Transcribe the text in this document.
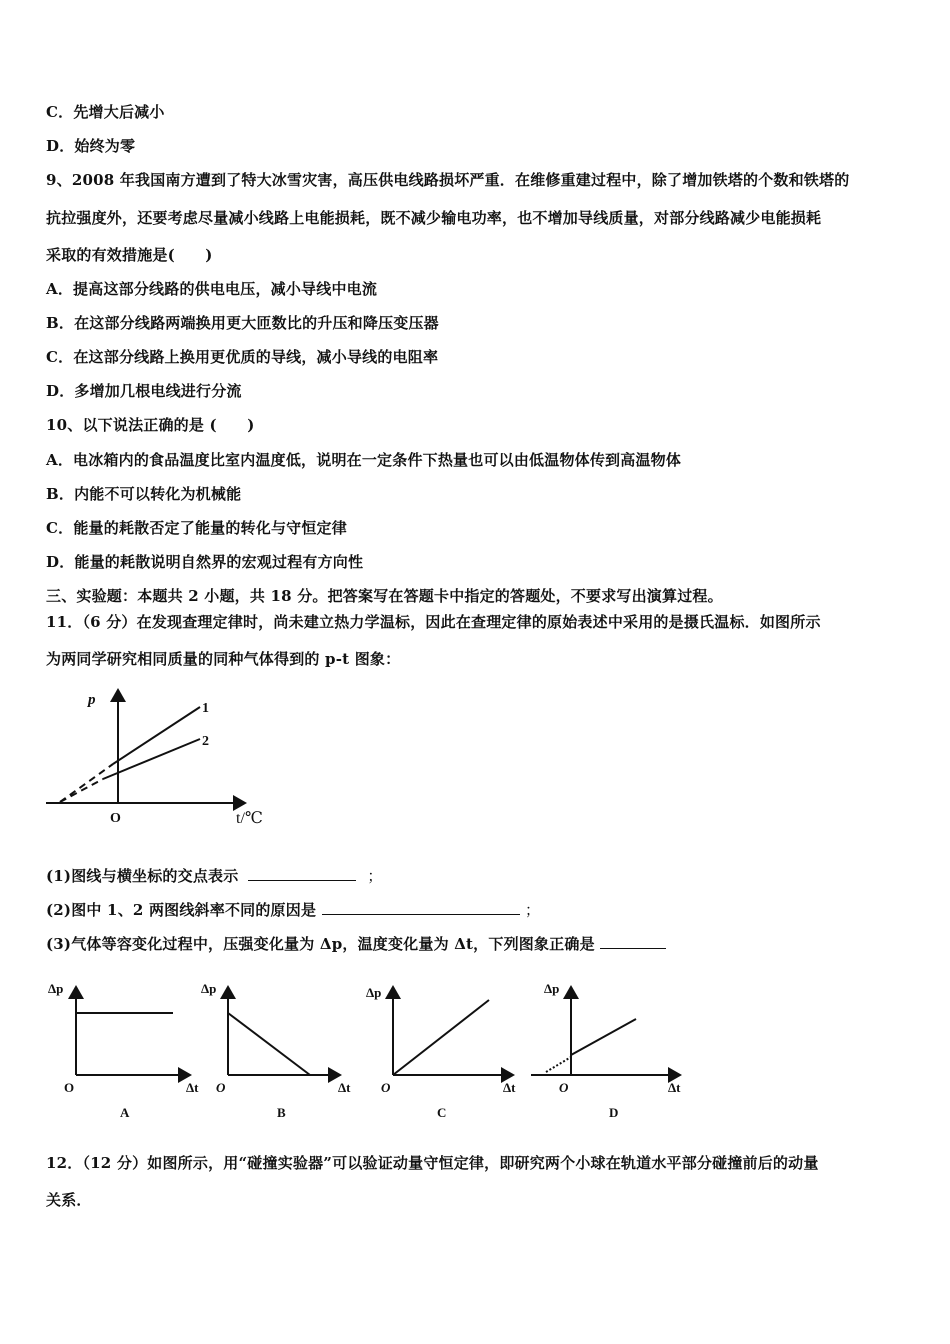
C．先增大后减小
D．始终为零
9、2008 年我国南方遭到了特大冰雪灾害，高压供电线路损坏严重．在维修重建过程中，除了增加铁塔的个数和铁塔的
抗拉强度外，还要考虑尽量减小线路上电能损耗，既不减少输电功率，也不增加导线质量，对部分线路减少电能损耗
采取的有效措施是(　　)
A．提高这部分线路的供电电压，减小导线中电流
B．在这部分线路两端换用更大匝数比的升压和降压变压器
C．在这部分线路上换用更优质的导线，减小导线的电阻率
D．多增加几根电线进行分流
10、以下说法正确的是 (　　)
A．电冰箱内的食品温度比室内温度低，说明在一定条件下热量也可以由低温物体传到高温物体
B．内能不可以转化为机械能
C．能量的耗散否定了能量的转化与守恒定律
D．能量的耗散说明自然界的宏观过程有方向性
三、实验题：本题共 2 小题，共 18 分。把答案写在答题卡中指定的答题处，不要求写出演算过程。
11．（6 分）在发现查理定律时，尚未建立热力学温标，因此在查理定律的原始表述中采用的是摄氏温标．如图所示
为两同学研究相同质量的同种气体得到的 p-t 图象：
p
O	t/℃
1
2
(1)图线与横坐标的交点表示	；
(2)图中 1、2 两图线斜率不同的原因是	；
(3)气体等容变化过程中，压强变化量为 Δp，温度变化量为 Δt，下列图象正确是
Δp
O	Δt
A
Δp
O	Δt
B
Δp
O	Δt
C
Δp
O	Δt
D
12．（12 分）如图所示，用“碰撞实验器”可以验证动量守恒定律，即研究两个小球在轨道水平部分碰撞前后的动量
关系．
